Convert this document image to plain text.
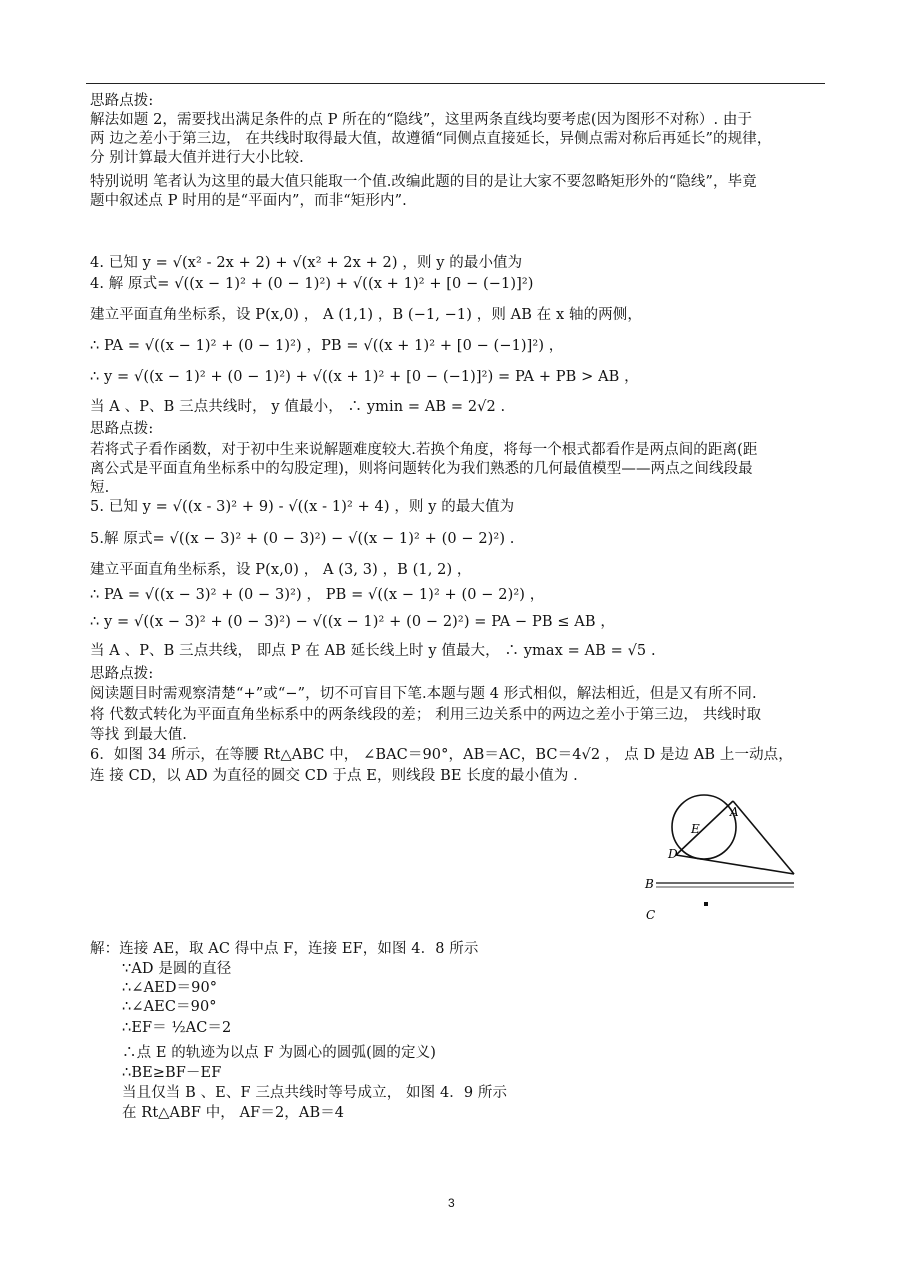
思路点拨:
解法如题 2，需要找出满足条件的点 P 所在的“隐线”，这里两条直线均要考虑(因为图形不对称）. 由于
两 边之差小于第三边， 在共线时取得最大值，故遵循“同侧点直接延长，异侧点需对称后再延长”的规律，
分 别计算最大值并进行大小比较.
特别说明 笔者认为这里的最大值只能取一个值.改编此题的目的是让大家不要忽略矩形外的“隐线”，毕竟
题中叙述点 P 时用的是“平面内”，而非“矩形内”.
4. 已知 y = √(x² - 2x + 2) + √(x² + 2x + 2) ，则 y 的最小值为
4. 解 原式= √((x − 1)² + (0 − 1)²) + √((x + 1)² + [0 − (−1)]²)
建立平面直角坐标系，设 P(x,0) ， A (1,1) ，B (−1, −1) ，则 AB 在 x 轴的两侧，
∴ PA = √((x − 1)² + (0 − 1)²) ，PB = √((x + 1)² + [0 − (−1)]²) ，
∴ y = √((x − 1)² + (0 − 1)²) + √((x + 1)² + [0 − (−1)]²) = PA + PB > AB ，
当 A 、P、B 三点共线时， y 值最小， ∴ ymin = AB = 2√2 .
思路点拨:
若将式子看作函数，对于初中生来说解题难度较大.若换个角度，将每一个根式都看作是两点间的距离(距
离公式是平面直角坐标系中的勾股定理)，则将问题转化为我们熟悉的几何最值模型——两点之间线段最
短.
5. 已知 y = √((x - 3)² + 9) - √((x - 1)² + 4) ，则 y 的最大值为
5.解 原式= √((x − 3)² + (0 − 3)²) − √((x − 1)² + (0 − 2)²) .
建立平面直角坐标系，设 P(x,0) ， A (3, 3) ，B (1, 2) ，
∴ PA = √((x − 3)² + (0 − 3)²) ， PB = √((x − 1)² + (0 − 2)²) ，
∴ y = √((x − 3)² + (0 − 3)²) − √((x − 1)² + (0 − 2)²) = PA − PB ≤ AB ，
当 A 、P、B 三点共线， 即点 P 在 AB 延长线上时 y 值最大， ∴ ymax = AB = √5 .
思路点拨:
阅读题目时需观察清楚“+”或“−”，切不可盲目下笔.本题与题 4 形式相似，解法相近，但是又有所不同.
将 代数式转化为平面直角坐标系中的两条线段的差； 利用三边关系中的两边之差小于第三边， 共线时取
等找 到最大值.
6．如图 34 所示，在等腰 Rt△ABC 中， ∠BAC＝90°，AB＝AC，BC＝4√2 ， 点 D 是边 AB 上一动点，
连 接 CD，以 AD 为直径的圆交 CD 于点 E，则线段 BE 长度的最小值为 .
解：连接 AE，取 AC 得中点 F，连接 EF，如图 4．8 所示
∵AD 是圆的直径
∴∠AED＝90°
∴∠AEC＝90°
∴EF＝ ½AC＝2
∴点 E 的轨迹为以点 F 为圆心的圆弧(圆的定义)
∴BE≥BF－EF
当且仅当 B 、E、F 三点共线时等号成立， 如图 4．9 所示
在 Rt△ABF 中， AF＝2，AB＝4
A
E
D
B
C
3
